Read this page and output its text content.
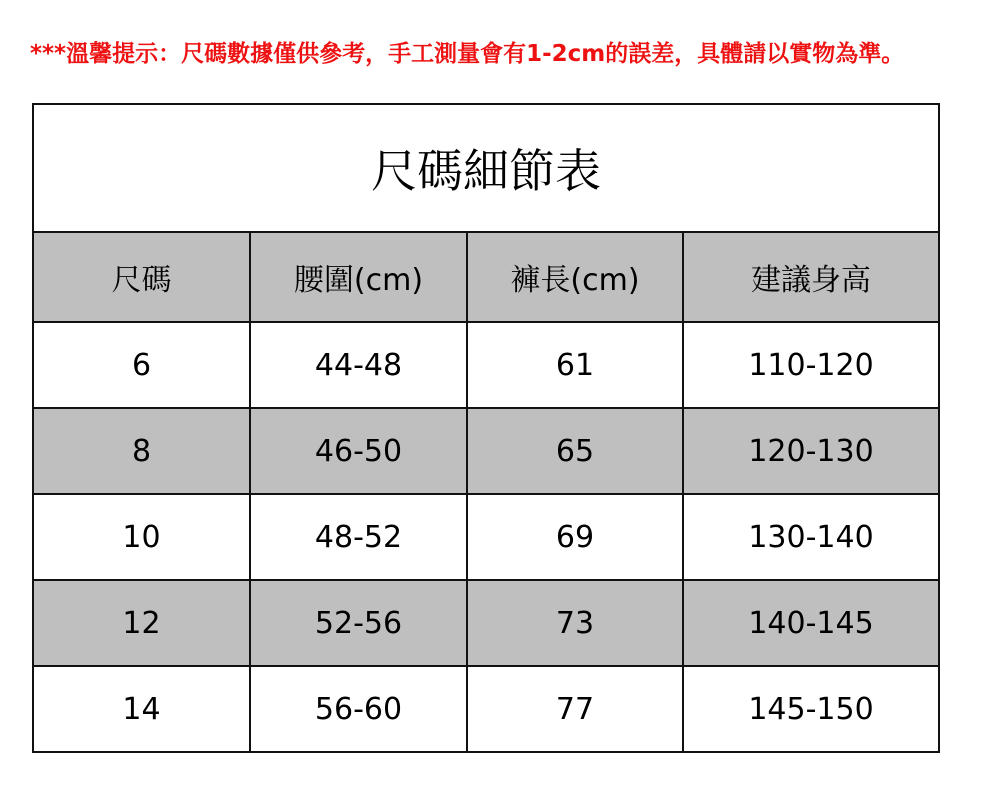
***溫馨提示：尺碼數據僅供參考，手工測量會有1-2cm的誤差，具體請以實物為準。
尺碼細節表			
尺碼	腰圍(cm)	褲長(cm)	建議身高
6	44-48	61	110-120
8	46-50	65	120-130
10	48-52	69	130-140
12	52-56	73	140-145
14	56-60	77	145-150
